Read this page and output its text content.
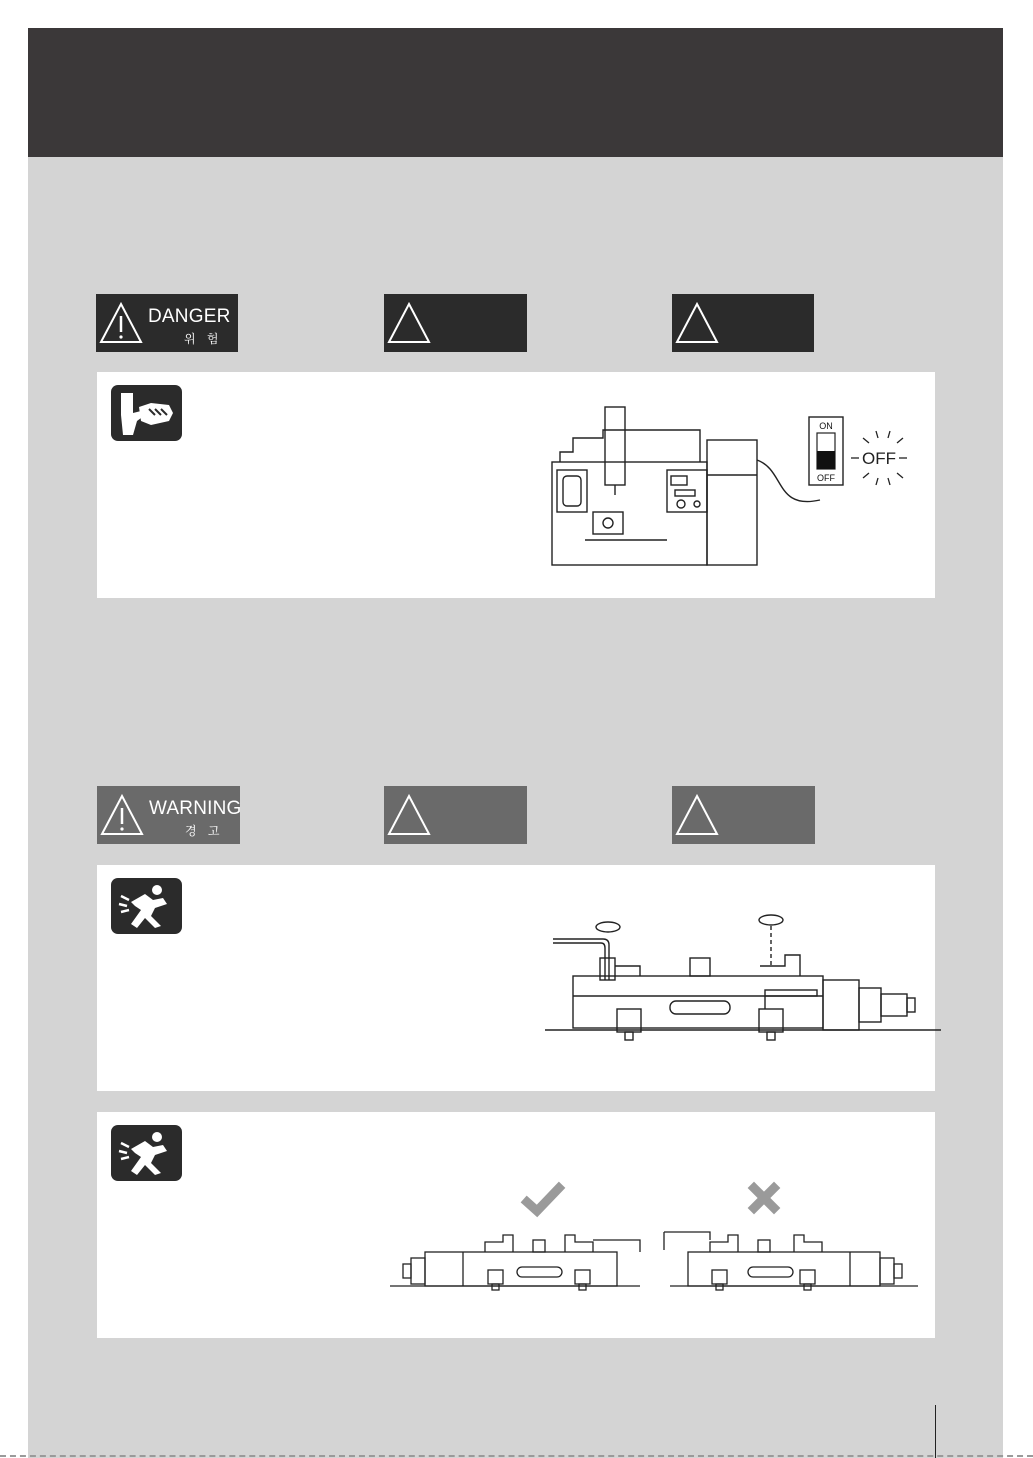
DANGER
위 험
ON
OFF
OFF
WARNING
경 고
